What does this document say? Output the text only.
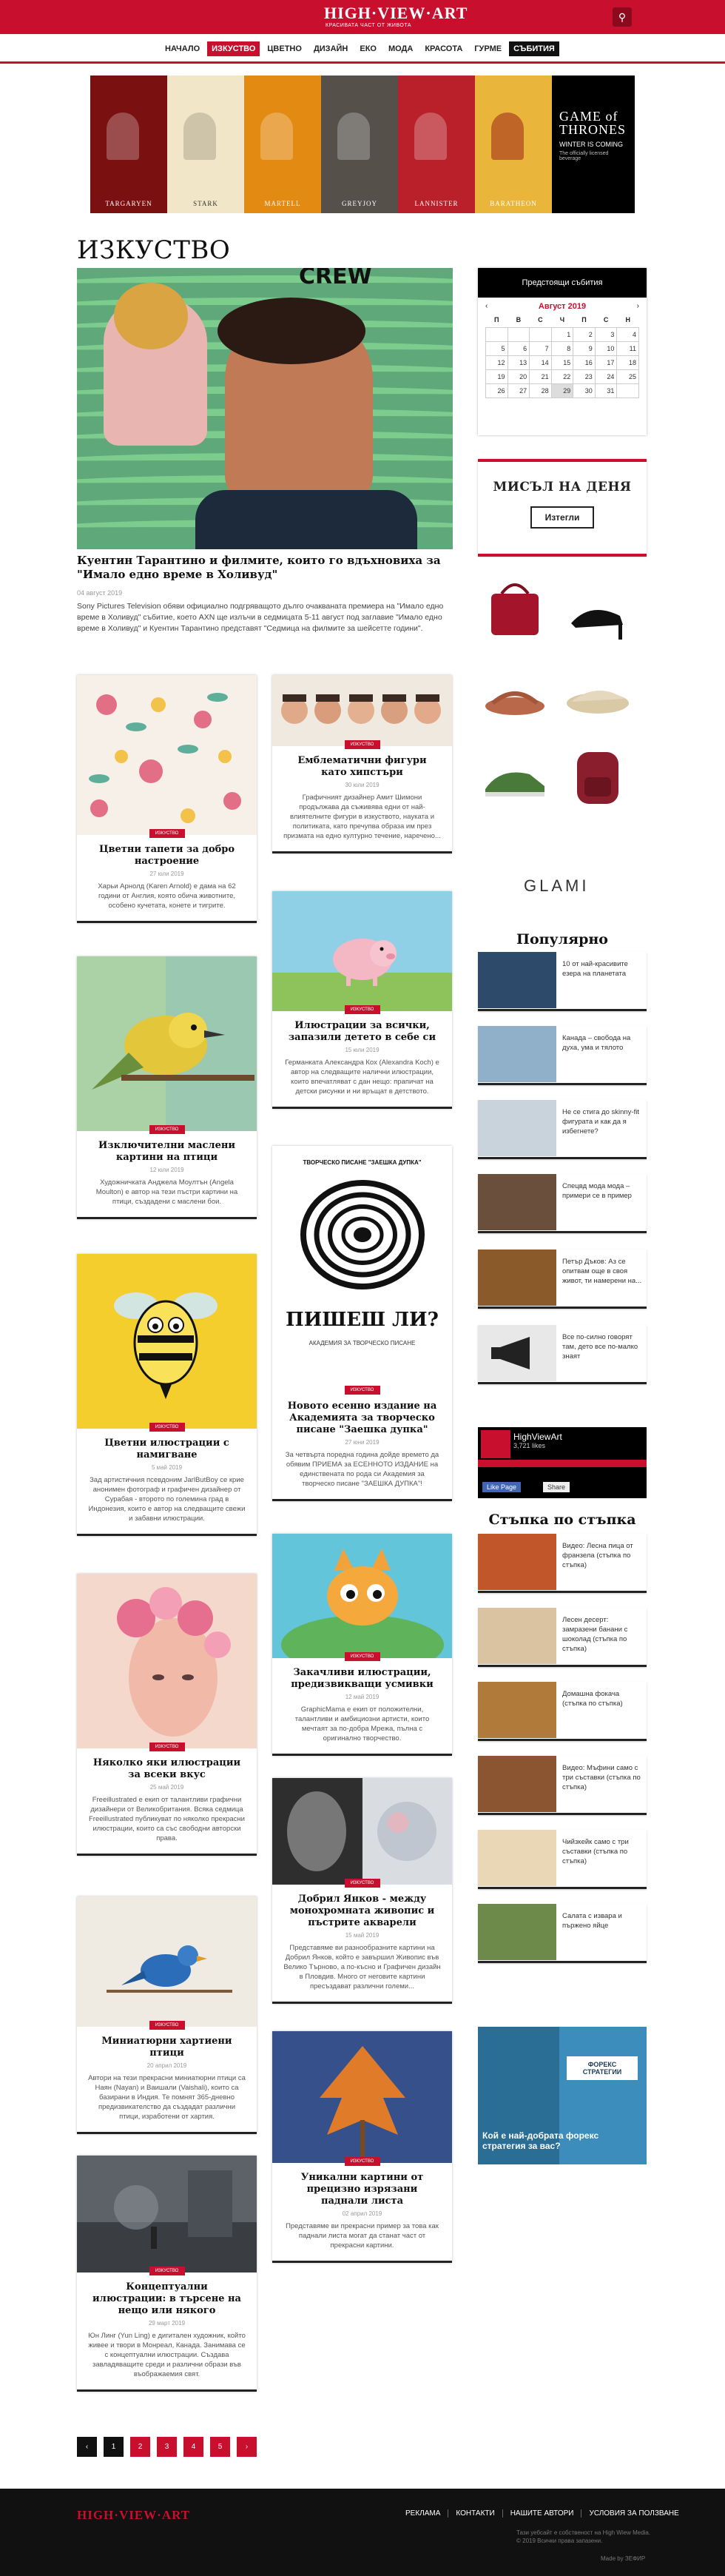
HIGH·VIEW·ART
КРАСИВАТА ЧАСТ ОТ ЖИВОТА
⚲
НАЧАЛО	ИЗКУСТВО	ЦВЕТНО	ДИЗАЙН	ЕКО	МОДА	КРАСОТА	ГУРМЕ	СЪБИТИЯ
TARGARYEN	STARK	MARTELL	GREYJOY	LANNISTER	BARATHEON
GAME of THRONES
WINTER IS COMING
The officially licensed beverage
ИЗКУСТВО
CREW
Куентин Тарантино и филмите, които го вдъхновиха за "Имало едно време в Холивуд"
04 август 2019
Sony Pictures Television обяви официално подгряващото дълго очакваната премиера на "Имало едно време в Холивуд" събитие, което AXN ще излъчи в седмицата 5-11 август под заглавие "Имало едно време в Холивуд" и Куентин Тарантино представят "Седмица на филмите за шейсетте години".
ИЗКУСТВО
Цветни тапети за добро настроение
27 юли 2019
Харьи Арнолд (Karen Arnold) е дама на 62 години от Англия, която обича животните, особено кучетата, конете и тигрите.
ИЗКУСТВО
Изключителни маслени картини на птици
12 юли 2019
Художничката Анджела Моултън (Angela Moulton) е автор на тези пъстри картини на птици, създадени с маслени бои.
ИЗКУСТВО
Цветни илюстрации с намигване
5 май 2019
Зад артистичния псевдоним JarlButBoy се крие анонимен фотограф и графичен дизайнер от Сурабая - второто по големина град в Индонезия, които е автор на следващите свежи и забавни илюстрации.
ИЗКУСТВО
Няколко яки илюстрации за всеки вкус
25 май 2019
Freeillustrated е екип от талантливи графични дизайнери от Великобритания. Всяка седмица Freeillustrated публикуват по няколко прекрасни илюстрации, които са със свободни авторски права.
ИЗКУСТВО
Миниатюрни хартиени птици
20 април 2019
Автори на тези прекрасни миниатюрни птици са Наян (Nayan) и Ваишали (Vaishali), които са базирани в Индия. Те помнят 365-дневно предизвикателство да създадат различни птици, изработени от хартия.
ИЗКУСТВО
Концептуални илюстрации: в търсене на нещо или някого
29 март 2019
Юн Линг (Yun Ling) е дигитален художник, който живее и твори в Монреал, Канада. Занимава се с концептуални илюстрации. Създава завладяващите среди и различни образи във въображаемия свят.
ИЗКУСТВО
Емблематични фигури като хипстъри
30 юли 2019
Графичният дизайнер Амит Шимони продължава да съживява едни от най-влиятелните фигури в изкуството, науката и политиката, като пречупва образа им през призмата на едно културно течение, наречено...
ИЗКУСТВО
Илюстрации за всички, запазили детето в себе си
15 юли 2019
Германката Александра Кох (Alexandra Koch) е автор на следващите налични илюстрации, които впечатляват с дан нещо: прапичат на детски рисунки и ни връщат в детството.
ТВОРЧЕСКО ПИСАНЕ "ЗАЕШКА ДУПКА"
ПИШЕШ ЛИ?
АКАДЕМИЯ ЗА ТВОРЧЕСКО ПИСАНЕ
ИЗКУСТВО
Новото есенно издание на Академията за творческо писане "Заешка дупка"
27 юни 2019
За четвърта поредна година дойде времето да обявим ПРИЕМА за ЕСЕННОТО ИЗДАНИЕ на единствената по рода си Академия за творческо писане "ЗАЕШКА ДУПКА"!
ИЗКУСТВО
Закачливи илюстрации, предизвикващи усмивки
12 май 2019
GraphicMama е екип от положителни, талантливи и амбициозни артисти, които мечтаят за по-добра Мрежа, пълна с оригинално творчество.
ИЗКУСТВО
Добрил Янков - между монохромната живопис и пъстрите акварели
15 май 2019
Представяме ви разнообразните картини на Добрил Янков, който е завършил Живопис във Велико Търново, а по-късно и Графичен дизайн в Пловдив. Много от неговите картини пресъздават различни големи...
ИЗКУСТВО
Уникални картини от прецизно изрязани паднали листа
02 април 2019
Представяме ви прекрасни пример за това как паднали листа могат да станат част от прекрасни картини.
‹	1	2	3	4	5	›
Предстоящи събития
‹	Август 2019	›
П	В	С	Ч	П	С	Н
			1	2	3	4
5	6	7	8	9	10	11
12	13	14	15	16	17	18
19	20	21	22	23	24	25
26	27	28	29	30	31	
МИСЪЛ НА ДЕНЯ
Изтегли
GLAMI
Популярно
10 от най-красивите езера на планетата
Канада – свобода на духа, ума и тялото
Не се стига до skinny-fit фигурата и как да я избегнете?
Спецвд мода мода – примери се в пример
Петър Дъков: Аз се опитвам още в своя живот, ти намерени на...
Все по-силно говорят там, дето все по-малко знаят
HighViewArt
3,721 likes
Like Page	Share
Стъпка по стъпка
Видео: Лесна пица от франзела (стъпка по стъпка)
Лесен десерт: замразени банани с шоколад (стъпка по стъпка)
Домашна фокача (стъпка по стъпка)
Видео: Мъфини само с три съставки (стъпка по стъпка)
Чийзкейк само с три съставки (стъпка по стъпка)
Салата с извара и пържено яйце
ФОРЕКС СТРАТЕГИИ
Кой е най-добрата форекс стратегия за вас?
HIGH·VIEW·ART	РЕКЛАМА	КОНТАКТИ	НАШИТЕ АВТОРИ	УСЛОВИЯ ЗА ПОЛЗВАНЕ
Тази уебсайт е собственост на High Wiew Media.
© 2019 Всички права запазени.
Made by ЗЕФИР
